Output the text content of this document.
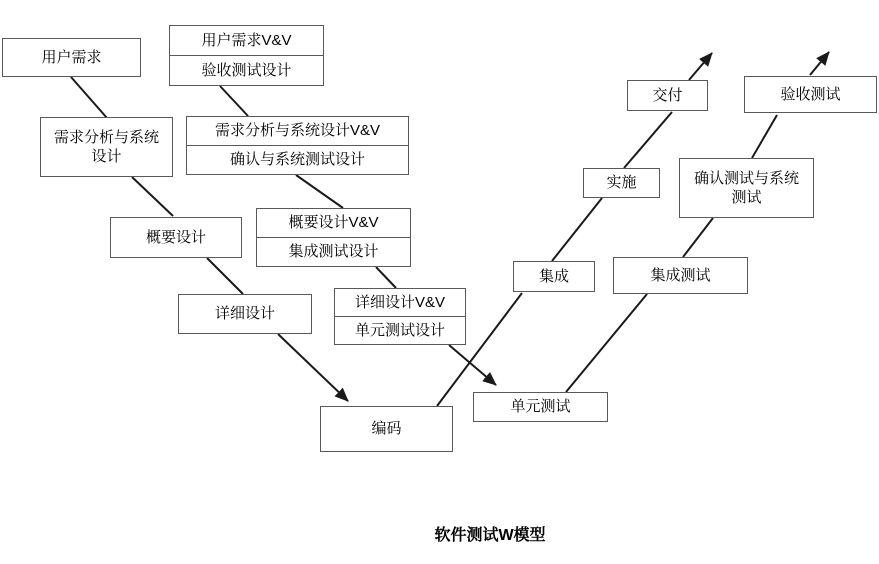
用户需求
用户需求V&V
验收测试设计
需求分析与系统设计
需求分析与系统设计V&V
确认与系统测试设计
概要设计
概要设计V&V
集成测试设计
详细设计
详细设计V&V
单元测试设计
编码
单元测试
集成	集成测试
实施	确认测试与系统测试
交付	验收测试
软件测试W模型
